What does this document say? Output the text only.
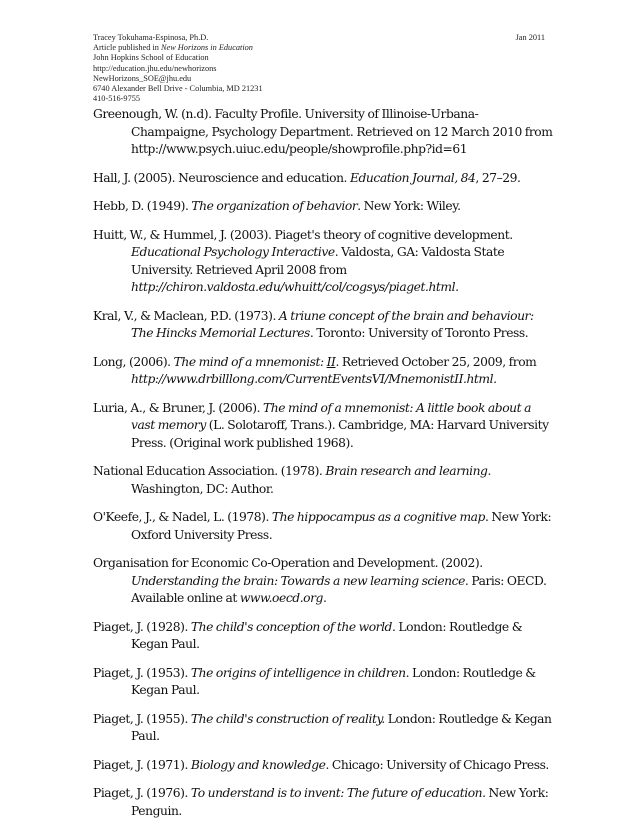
Tracey Tokuhama-Espinosa, Ph.D.	Jan 2011
Article published in New Horizons in Education
John Hopkins School of Education
http://education.jhu.edu/newhorizons
NewHorizons_SOE@jhu.edu
6740 Alexander Bell Drive - Columbia, MD 21231
410-516-9755

Greenough, W. (n.d). Faculty Profile. University of Illinoise-Urbana-Champaigne, Psychology Department. Retrieved on 12 March 2010 from http://www.psych.uiuc.edu/people/showprofile.php?id=61

Hall, J. (2005). Neuroscience and education. Education Journal, 84, 27–29.

Hebb, D. (1949). The organization of behavior. New York: Wiley.

Huitt, W., & Hummel, J. (2003). Piaget's theory of cognitive development. Educational Psychology Interactive. Valdosta, GA: Valdosta State University. Retrieved April 2008 from http://chiron.valdosta.edu/whuitt/col/cogsys/piaget.html.

Kral, V., & Maclean, P.D. (1973). A triune concept of the brain and behaviour: The Hincks Memorial Lectures. Toronto: University of Toronto Press.

Long, (2006). The mind of a mnemonist: II. Retrieved October 25, 2009, from http://www.drbilllong.com/CurrentEventsVI/MnemonistII.html.

Luria, A., & Bruner, J. (2006). The mind of a mnemonist: A little book about a vast memory (L. Solotaroff, Trans.). Cambridge, MA: Harvard University Press. (Original work published 1968).

National Education Association. (1978). Brain research and learning. Washington, DC: Author.

O'Keefe, J., & Nadel, L. (1978). The hippocampus as a cognitive map. New York: Oxford University Press.

Organisation for Economic Co-Operation and Development. (2002). Understanding the brain: Towards a new learning science. Paris: OECD. Available online at www.oecd.org.

Piaget, J. (1928). The child's conception of the world. London: Routledge & Kegan Paul.

Piaget, J. (1953). The origins of intelligence in children. London: Routledge & Kegan Paul.

Piaget, J. (1955). The child's construction of reality. London: Routledge & Kegan Paul.

Piaget, J. (1971). Biology and knowledge. Chicago: University of Chicago Press.

Piaget, J. (1976). To understand is to invent: The future of education. New York: Penguin.
